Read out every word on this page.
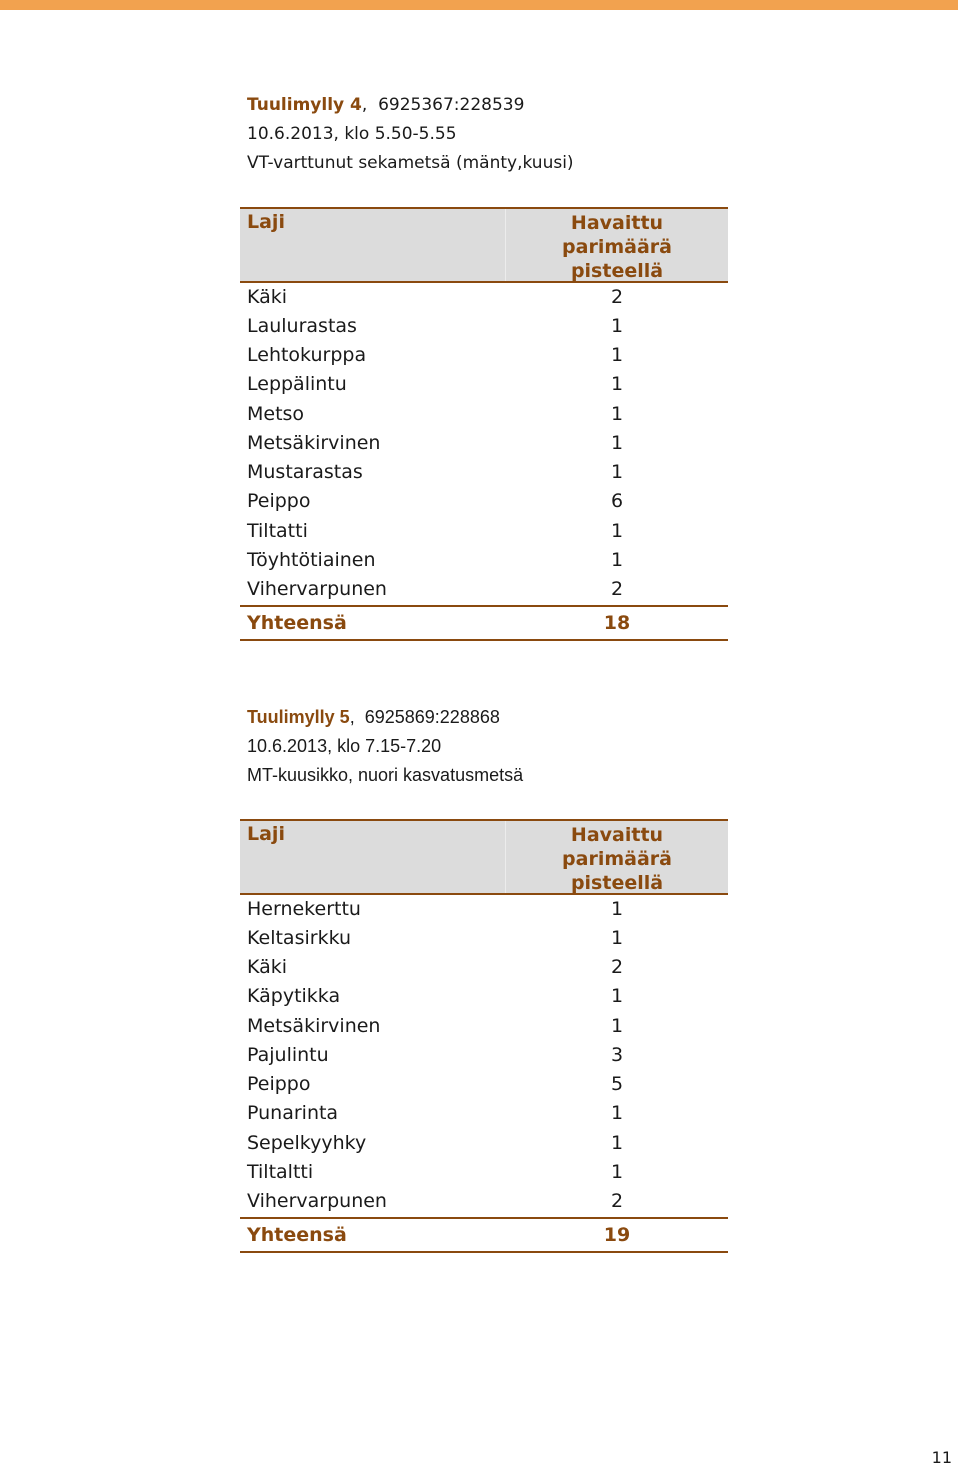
Tuulimylly 4,  6925367:228539
10.6.2013, klo 5.50-5.55
VT-varttunut sekametsä (mänty,kuusi)
Laji	Havaittu
parimäärä
pisteellä
Käki	2
Laulurastas	1
Lehtokurppa	1
Leppälintu	1
Metso	1
Metsäkirvinen	1
Mustarastas	1
Peippo	6
Tiltatti	1
Töyhtötiainen	1
Vihervarpunen	2
Yhteensä	18
Tuulimylly 5,  6925869:228868
10.6.2013, klo 7.15-7.20
MT-kuusikko, nuori kasvatusmetsä
Laji	Havaittu
parimäärä
pisteellä
Hernekerttu	1
Keltasirkku	1
Käki	2
Käpytikka	1
Metsäkirvinen	1
Pajulintu	3
Peippo	5
Punarinta	1
Sepelkyyhky	1
Tiltaltti	1
Vihervarpunen	2
Yhteensä	19
11
